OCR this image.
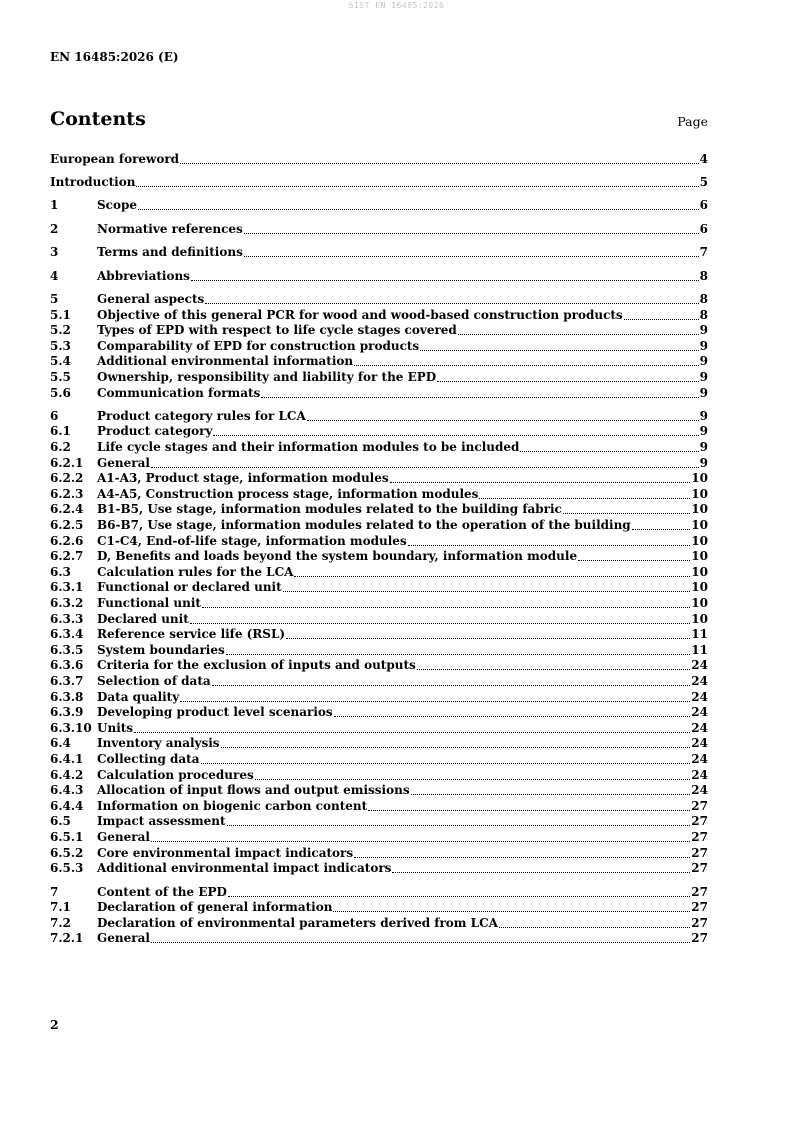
SIST EN 16485:2026
EN 16485:2026 (E)
Contents	Page
European foreword	4
Introduction	5
1	Scope	6
2	Normative references	6
3	Terms and definitions	7
4	Abbreviations	8
5	General aspects	8
5.1 Objective of this general PCR for wood and wood-based construction products	8
5.2 Types of EPD with respect to life cycle stages covered	9
5.3 Comparability of EPD for construction products	9
5.4 Additional environmental information	9
5.5 Ownership, responsibility and liability for the EPD	9
5.6 Communication formats	9
6	Product category rules for LCA	9
6.1 Product category	9
6.2 Life cycle stages and their information modules to be included	9
6.2.1 General	9
6.2.2 A1-A3, Product stage, information modules	10
6.2.3 A4-A5, Construction process stage, information modules	10
6.2.4 B1-B5, Use stage, information modules related to the building fabric	10
6.2.5 B6-B7, Use stage, information modules related to the operation of the building	10
6.2.6 C1-C4, End-of-life stage, information modules	10
6.2.7 D, Benefits and loads beyond the system boundary, information module	10
6.3 Calculation rules for the LCA	10
6.3.1 Functional or declared unit	10
6.3.2 Functional unit	10
6.3.3 Declared unit	10
6.3.4 Reference service life (RSL)	11
6.3.5 System boundaries	11
6.3.6 Criteria for the exclusion of inputs and outputs	24
6.3.7 Selection of data	24
6.3.8 Data quality	24
6.3.9 Developing product level scenarios	24
6.3.10 Units	24
6.4 Inventory analysis	24
6.4.1 Collecting data	24
6.4.2 Calculation procedures	24
6.4.3 Allocation of input flows and output emissions	24
6.4.4 Information on biogenic carbon content	27
6.5 Impact assessment	27
6.5.1 General	27
6.5.2 Core environmental impact indicators	27
6.5.3 Additional environmental impact indicators	27
7	Content of the EPD	27
7.1 Declaration of general information	27
7.2 Declaration of environmental parameters derived from LCA	27
7.2.1 General	27
2
